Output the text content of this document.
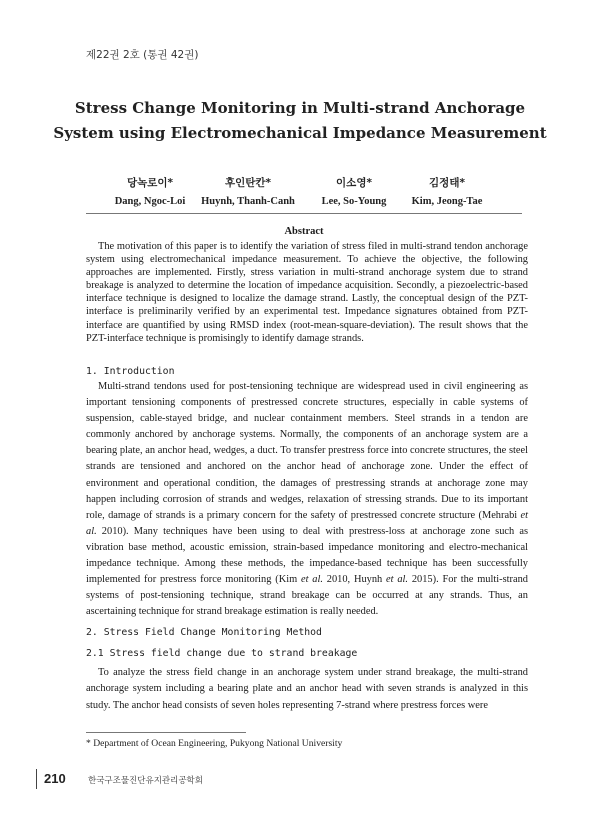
제22권 2호 (통권 42권)
Stress Change Monitoring in Multi-strand Anchorage
System using Electromechanical Impedance Measurement
당녹로이*
Dang, Ngoc-Loi
후인탄칸*
Huynh, Thanh-Canh
이소영*
Lee, So-Young
김정태*
Kim, Jeong-Tae
Abstract
The motivation of this paper is to identify the variation of stress filed in multi-strand tendon anchorage system using electromechanical impedance measurement. To achieve the objective, the following approaches are implemented. Firstly, stress variation in multi-strand anchorage system due to strand breakage is analyzed to determine the location of impedance acquisition. Secondly, a piezoelectric-based interface technique is designed to localize the damage strand. Lastly, the conceptual design of the PZT-interface is preliminarily verified by an experimental test. Impedance signatures obtained from PZT-interface are quantified by using RMSD index (root-mean-square-deviation). The result shows that the PZT-interface technique is promisingly to identify damage strands.
1. Introduction
Multi-strand tendons used for post-tensioning technique are widespread used in civil engineering as important tensioning components of prestressed concrete structures, especially in cable systems of suspension, cable-stayed bridge, and nuclear containment members. Steel strands in a tendon are commonly anchored by anchorage systems. Normally, the components of an anchorage system are a bearing plate, an anchor head, wedges, a duct. To transfer prestress force into concrete structures, the steel strands are tensioned and anchored on the anchor head of anchorage zone. Under the effect of environment and operational condition, the damages of prestressing strands at anchorage zone may happen including corrosion of strands and wedges, relaxation of stressing strands. Due to its important role, damage of strands is a primary concern for the safety of prestressed concrete structure (Mehrabi et al. 2010). Many techniques have been using to deal with prestress-loss at anchorage zone such as vibration base method, acoustic emission, strain-based impedance monitoring and electro-mechanical impedance technique. Among these methods, the impedance-based technique has been successfully implemented for prestress force monitoring (Kim et al. 2010, Huynh et al. 2015). For the multi-strand systems of post-tensioning technique, strand breakage can be occurred at any strands. Thus, an ascertaining technique for strand breakage estimation is really needed.
2. Stress Field Change Monitoring Method
2.1 Stress field change due to strand breakage
To analyze the stress field change in an anchorage system under strand breakage, the multi-strand anchorage system including a bearing plate and an anchor head with seven strands is analyzed in this study. The anchor head consists of seven holes representing 7-strand where prestress forces were
* Department of Ocean Engineering, Pukyong National University
210	한국구조물진단유지관리공학회
